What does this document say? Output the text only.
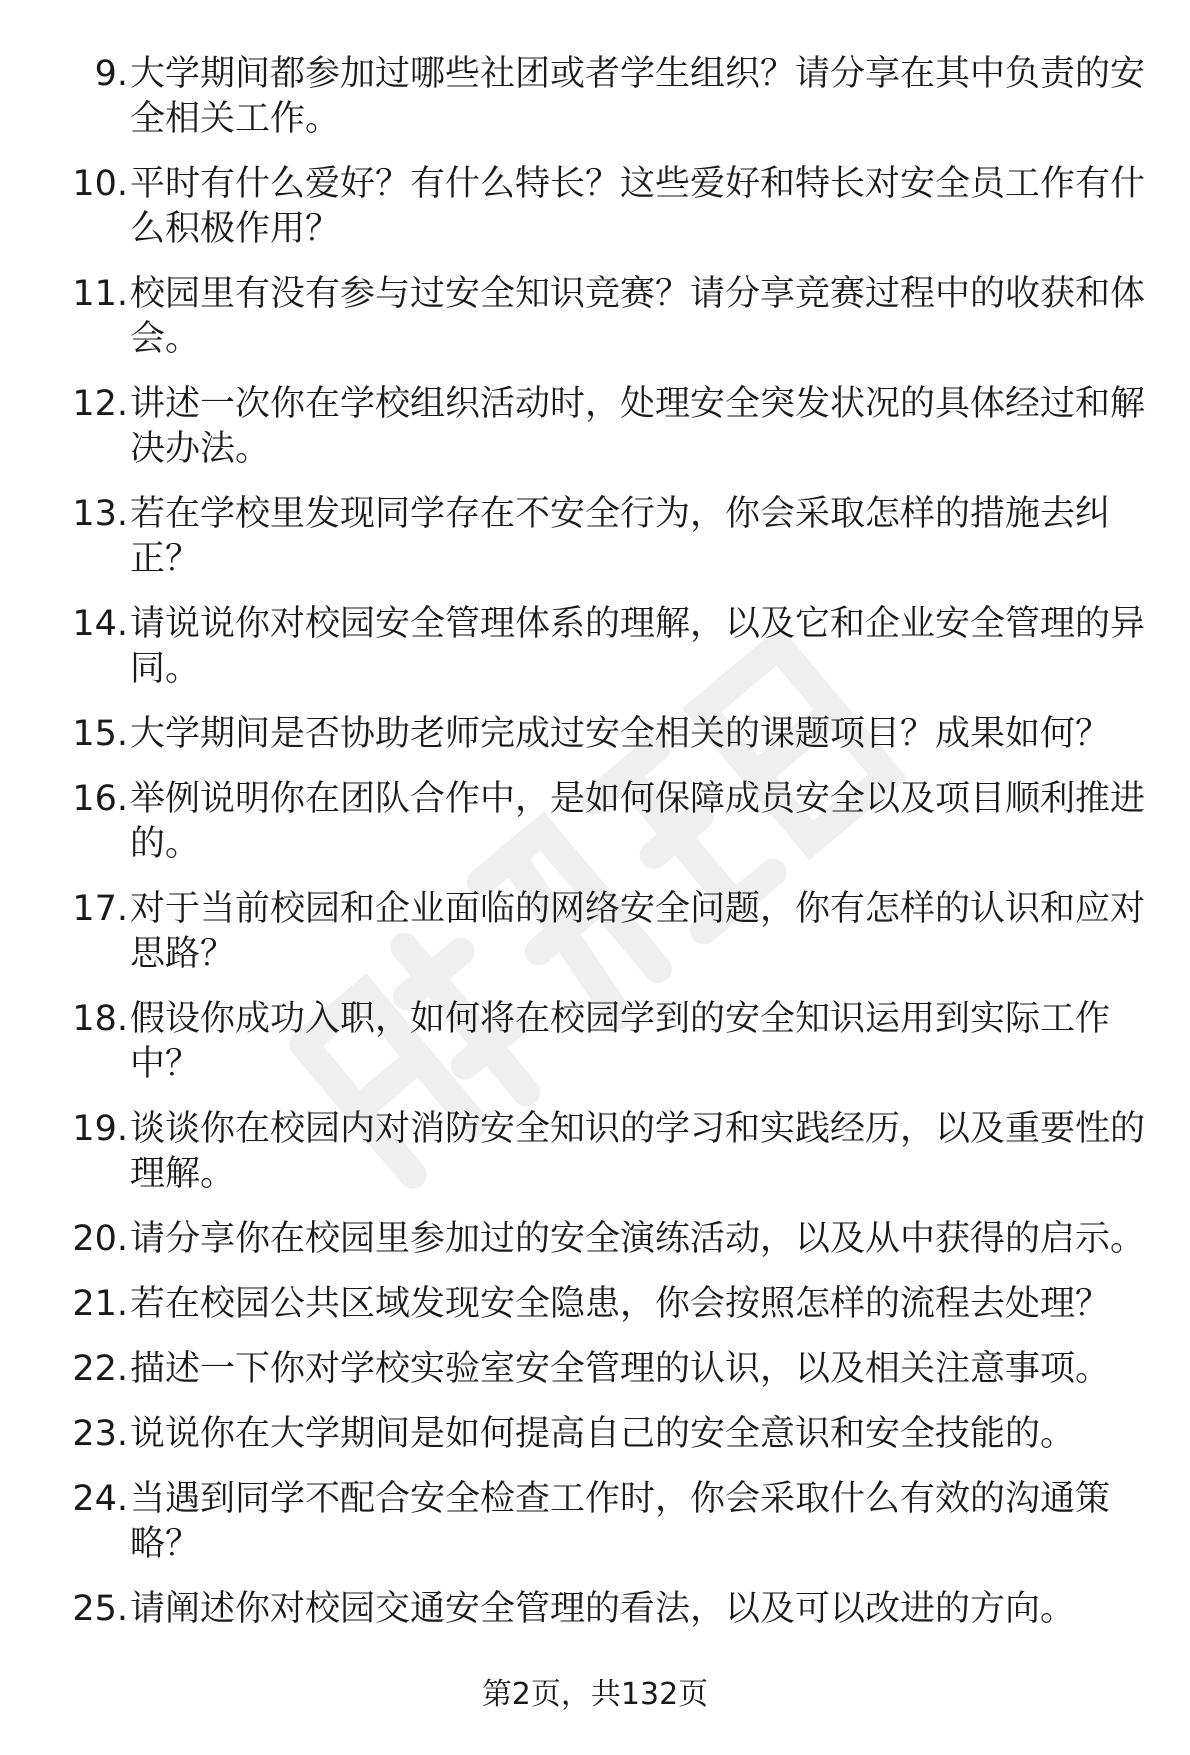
9. 大学期间都参加过哪些社团或者学生组织？请分享在其中负责的安全相关工作。
10. 平时有什么爱好？有什么特长？这些爱好和特长对安全员工作有什么积极作用？
11. 校园里有没有参与过安全知识竞赛？请分享竞赛过程中的收获和体会。
12. 讲述一次你在学校组织活动时，处理安全突发状况的具体经过和解决办法。
13. 若在学校里发现同学存在不安全行为，你会采取怎样的措施去纠正？
14. 请说说你对校园安全管理体系的理解，以及它和企业安全管理的异同。
15. 大学期间是否协助老师完成过安全相关的课题项目？成果如何？
16. 举例说明你在团队合作中，是如何保障成员安全以及项目顺利推进的。
17. 对于当前校园和企业面临的网络安全问题，你有怎样的认识和应对思路？
18. 假设你成功入职，如何将在校园学到的安全知识运用到实际工作中？
19. 谈谈你在校园内对消防安全知识的学习和实践经历，以及重要性的理解。
20. 请分享你在校园里参加过的安全演练活动，以及从中获得的启示。
21. 若在校园公共区域发现安全隐患，你会按照怎样的流程去处理？
22. 描述一下你对学校实验室安全管理的认识，以及相关注意事项。
23. 说说你在大学期间是如何提高自己的安全意识和安全技能的。
24. 当遇到同学不配合安全检查工作时，你会采取什么有效的沟通策略？
25. 请阐述你对校园交通安全管理的看法，以及可以改进的方向。
第2页，共132页
